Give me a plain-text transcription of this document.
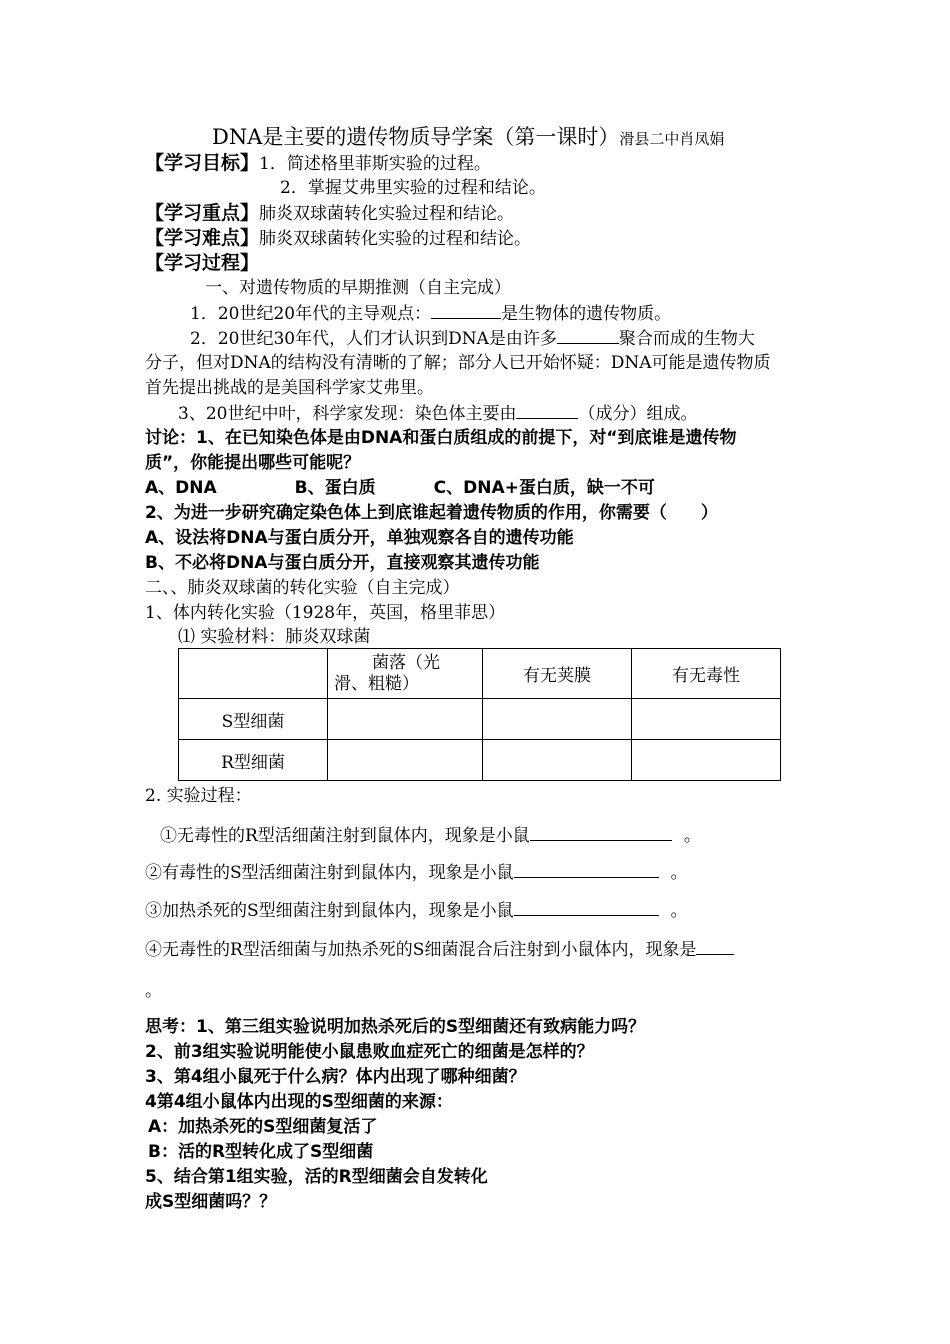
DNA是主要的遗传物质导学案（第一课时）滑县二中肖凤娟
【学习目标】1．简述格里菲斯实验的过程。
2．掌握艾弗里实验的过程和结论。
【学习重点】肺炎双球菌转化实验过程和结论。
【学习难点】肺炎双球菌转化实验的过程和结论。
【学习过程】
一、对遗传物质的早期推测（自主完成）
1．20世纪20年代的主导观点：	是生物体的遗传物质。
2．20世纪30年代，人们才认识到DNA是由许多	聚合而成的生物大
分子，但对DNA的结构没有清晰的了解；部分人已开始怀疑：DNA可能是遗传物质
首先提出挑战的是美国科学家艾弗里。
3、20世纪中叶，科学家发现：染色体主要由	（成分）组成。
讨论：1、在已知染色体是由DNA和蛋白质组成的前提下，对“到底谁是遗传物
质”，你能提出哪些可能呢？
A、DNA	B、蛋白质	C、DNA+蛋白质，缺一不可
2、为进一步研究确定染色体上到底谁起着遗传物质的作用，你需要（　　）
A、设法将DNA与蛋白质分开，单独观察各自的遗传功能
B、不必将DNA与蛋白质分开，直接观察其遗传功能
二、、肺炎双球菌的转化实验（自主完成）
1、体内转化实验（1928年，英国，格里菲思）
⑴ 实验材料：肺炎双球菌

	菌落（光
滑、粗糙）	有无荚膜	有无毒性
S型细菌			
R型细菌			
2. 实验过程：
①无毒性的R型活细菌注射到鼠体内，现象是小鼠	。
②有毒性的S型活细菌注射到鼠体内，现象是小鼠	。
③加热杀死的S型细菌注射到鼠体内，现象是小鼠	。
④无毒性的R型活细菌与加热杀死的S细菌混合后注射到小鼠体内，现象是
。
思考：1、第三组实验说明加热杀死后的S型细菌还有致病能力吗？
2、前3组实验说明能使小鼠患败血症死亡的细菌是怎样的？
3、第4组小鼠死于什么病？体内出现了哪种细菌？
4第4组小鼠体内出现的S型细菌的来源：
A：加热杀死的S型细菌复活了
B：活的R型转化成了S型细菌
5、结合第1组实验，活的R型细菌会自发转化
成S型细菌吗？？
